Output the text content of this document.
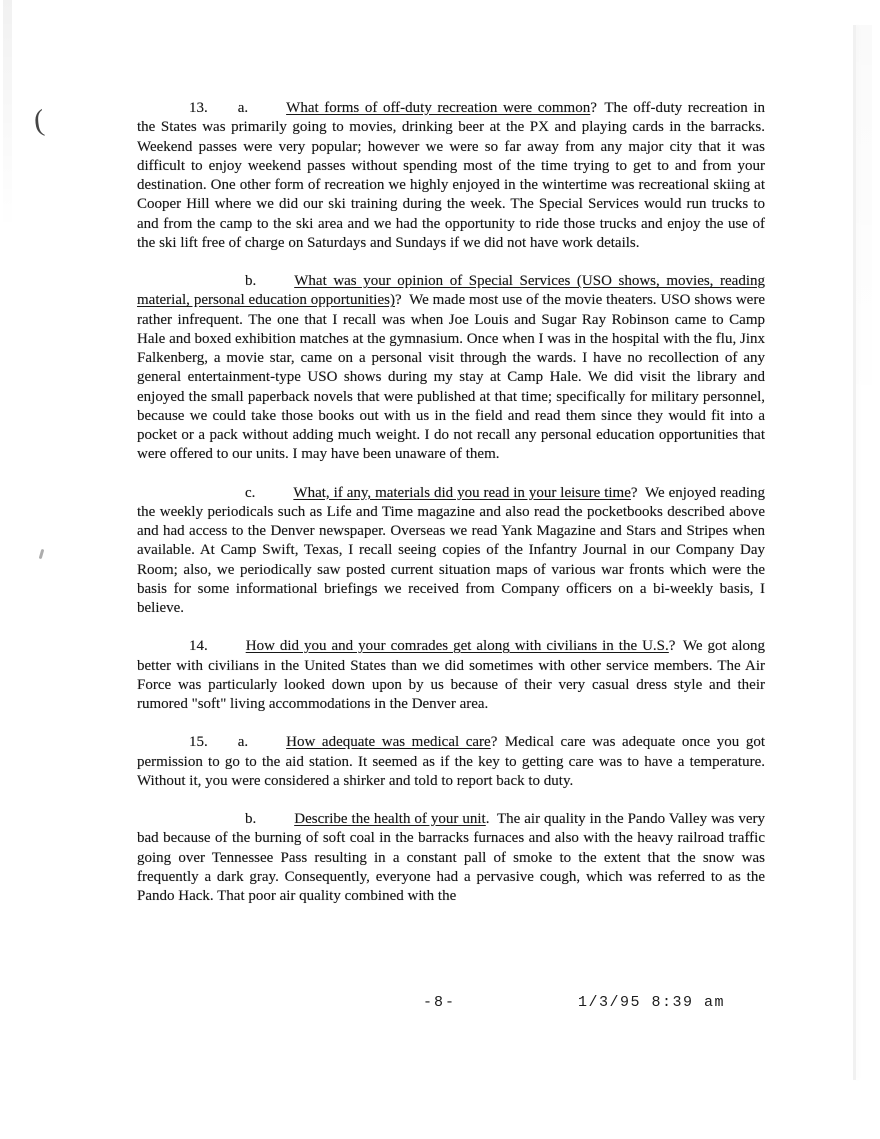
(	13. a.	What forms of off-duty recreation were common? The off-duty recreation in the States was primarily going to movies, drinking beer at the PX and playing cards in the barracks. Weekend passes were very popular; however we were so far away from any major city that it was difficult to enjoy weekend passes without spending most of the time trying to get to and from your destination. One other form of recreation we highly enjoyed in the wintertime was recreational skiing at Cooper Hill where we did our ski training during the week. The Special Services would run trucks to and from the camp to the ski area and we had the opportunity to ride those trucks and enjoy the use of the ski lift free of charge on Saturdays and Sundays if we did not have work details.

b.	What was your opinion of Special Services (USO shows, movies, reading material, personal education opportunities)? We made most use of the movie theaters. USO shows were rather infrequent. The one that I recall was when Joe Louis and Sugar Ray Robinson came to Camp Hale and boxed exhibition matches at the gymnasium. Once when I was in the hospital with the flu, Jinx Falkenberg, a movie star, came on a personal visit through the wards. I have no recollection of any general entertainment-type USO shows during my stay at Camp Hale. We did visit the library and enjoyed the small paperback novels that were published at that time; specifically for military personnel, because we could take those books out with us in the field and read them since they would fit into a pocket or a pack without adding much weight. I do not recall any personal education opportunities that were offered to our units. I may have been unaware of them.

c.	What, if any, materials did you read in your leisure time? We enjoyed reading the weekly periodicals such as Life and Time magazine and also read the pocketbooks described above and had access to the Denver newspaper. Overseas we read Yank Magazine and Stars and Stripes when available. At Camp Swift, Texas, I recall seeing copies of the Infantry Journal in our Company Day Room; also, we periodically saw posted current situation maps of various war fronts which were the basis for some informational briefings we received from Company officers on a bi-weekly basis, I believe.

14.	How did you and your comrades get along with civilians in the U.S.? We got along better with civilians in the United States than we did sometimes with other service members. The Air Force was particularly looked down upon by us because of their very casual dress style and their rumored "soft" living accommodations in the Denver area.

15. a.	How adequate was medical care? Medical care was adequate once you got permission to go to the aid station. It seemed as if the key to getting care was to have a temperature. Without it, you were considered a shirker and told to report back to duty.

b.	Describe the health of your unit. The air quality in the Pando Valley was very bad because of the burning of soft coal in the barracks furnaces and also with the heavy railroad traffic going over Tennessee Pass resulting in a constant pall of smoke to the extent that the snow was frequently a dark gray. Consequently, everyone had a pervasive cough, which was referred to as the Pando Hack. That poor air quality combined with the

-8-	1/3/95 8:39 am
